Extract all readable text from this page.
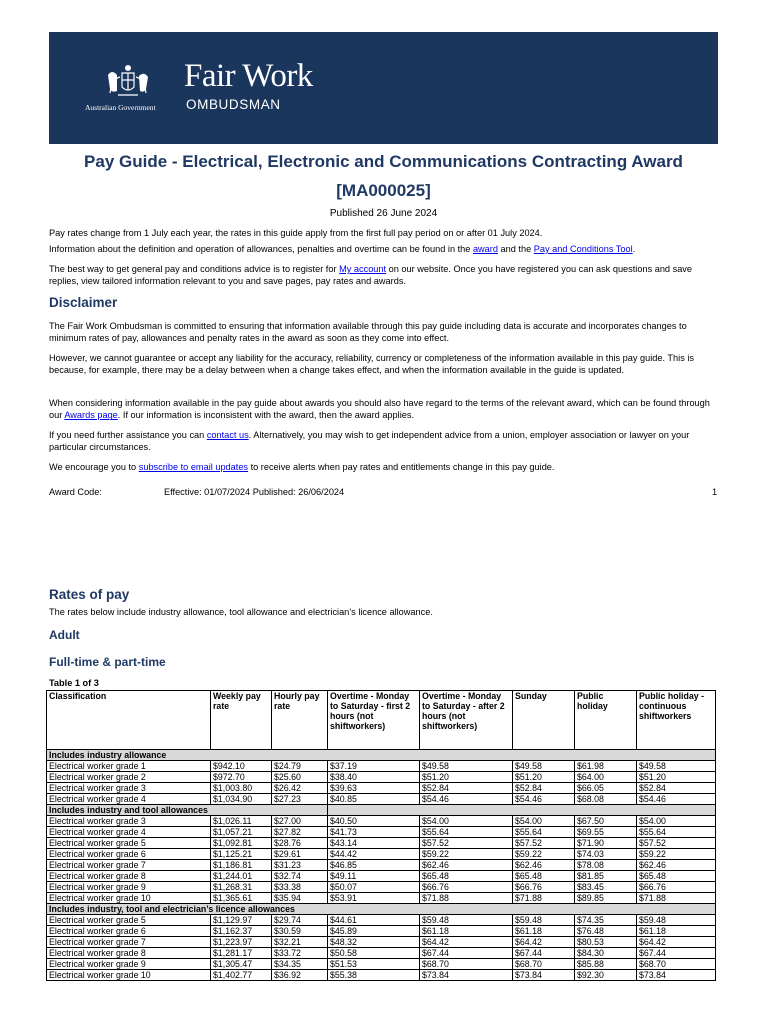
Australian Government
Fair Work
OMBUDSMAN
Pay Guide - Electrical, Electronic and Communications Contracting Award [MA000025]
Published 26 June 2024
Pay rates change from 1 July each year, the rates in this guide apply from the first full pay period on or after 01 July 2024.
Information about the definition and operation of allowances, penalties and overtime can be found in the award and the Pay and Conditions Tool.
The best way to get general pay and conditions advice is to register for My account on our website. Once you have registered you can ask questions and save replies, view tailored information relevant to you and save pages, pay rates and awards.
Disclaimer
The Fair Work Ombudsman is committed to ensuring that information available through this pay guide including data is accurate and incorporates changes to minimum rates of pay, allowances and penalty rates in the award as soon as they come into effect.
However, we cannot guarantee or accept any liability for the accuracy, reliability, currency or completeness of the information available in this pay guide. This is because, for example, there may be a delay between when a change takes effect, and when the information available in the guide is updated.
When considering information available in the pay guide about awards you should also have regard to the terms of the relevant award, which can be found through our Awards page. If our information is inconsistent with the award, then the award applies.
If you need further assistance you can contact us. Alternatively, you may wish to get independent advice from a union, employer association or lawyer on your particular circumstances.
We encourage you to subscribe to email updates to receive alerts when pay rates and entitlements change in this pay guide.
Award Code:	Effective: 01/07/2024 Published: 26/06/2024	1
Rates of pay
The rates below include industry allowance, tool allowance and electrician’s licence allowance.
Adult
Full-time & part-time
Table 1 of 3
Classification	Weekly pay rate	Hourly pay rate	Overtime - Monday to Saturday - first 2 hours (not shiftworkers)	Overtime - Monday to Saturday - after 2 hours (not shiftworkers)	Sunday	Public holiday	Public holiday - continuous shiftworkers
Includes industry allowance							
Electrical worker grade 1	$942.10	$24.79	$37.19	$49.58	$49.58	$61.98	$49.58
Electrical worker grade 2	$972.70	$25.60	$38.40	$51.20	$51.20	$64.00	$51.20
Electrical worker grade 3	$1,003.80	$26.42	$39.63	$52.84	$52.84	$66.05	$52.84
Electrical worker grade 4	$1,034.90	$27.23	$40.85	$54.46	$54.46	$68.08	$54.46
Includes industry and tool allowances							
Electrical worker grade 3	$1,026.11	$27.00	$40.50	$54.00	$54.00	$67.50	$54.00
Electrical worker grade 4	$1,057.21	$27.82	$41.73	$55.64	$55.64	$69.55	$55.64
Electrical worker grade 5	$1,092.81	$28.76	$43.14	$57.52	$57.52	$71.90	$57.52
Electrical worker grade 6	$1,125.21	$29.61	$44.42	$59.22	$59.22	$74.03	$59.22
Electrical worker grade 7	$1,186.81	$31.23	$46.85	$62.46	$62.46	$78.08	$62.46
Electrical worker grade 8	$1,244.01	$32.74	$49.11	$65.48	$65.48	$81.85	$65.48
Electrical worker grade 9	$1,268.31	$33.38	$50.07	$66.76	$66.76	$83.45	$66.76
Electrical worker grade 10	$1,365.61	$35.94	$53.91	$71.88	$71.88	$89.85	$71.88
Includes industry, tool and electrician’s licence allowances							
Electrical worker grade 5	$1,129.97	$29.74	$44.61	$59.48	$59.48	$74.35	$59.48
Electrical worker grade 6	$1,162.37	$30.59	$45.89	$61.18	$61.18	$76.48	$61.18
Electrical worker grade 7	$1,223.97	$32.21	$48.32	$64.42	$64.42	$80.53	$64.42
Electrical worker grade 8	$1,281.17	$33.72	$50.58	$67.44	$67.44	$84.30	$67.44
Electrical worker grade 9	$1,305.47	$34.35	$51.53	$68.70	$68.70	$85.88	$68.70
Electrical worker grade 10	$1,402.77	$36.92	$55.38	$73.84	$73.84	$92.30	$73.84
